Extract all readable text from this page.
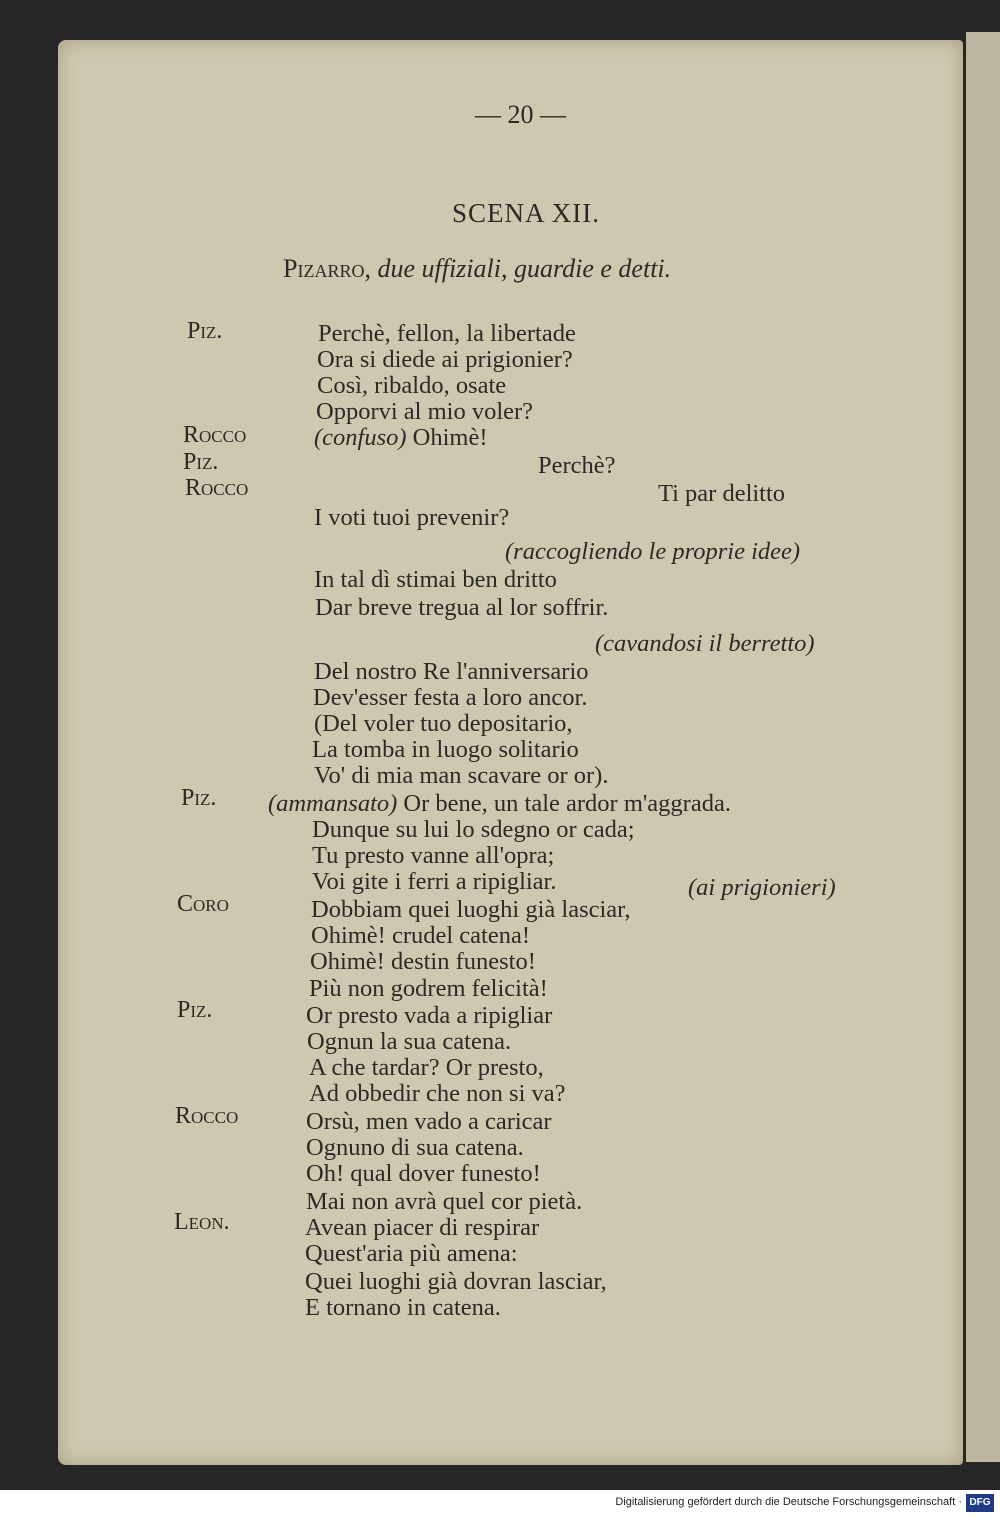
— 20 —
SCENA XII.
Pizarro, due uffiziali, guardie e detti.
Piz.
Rocco
Piz.
Rocco
Piz.
Coro
Piz.
Rocco
Leon.
Perchè, fellon, la libertade
Ora si diede ai prigionier?
Così, ribaldo, osate
Opporvi al mio voler?
(confuso) Ohimè!
Perchè?
Ti par delitto
I voti tuoi prevenir?
(raccogliendo le proprie idee)
In tal dì stimai ben dritto
Dar breve tregua al lor soffrir.
(cavandosi il berretto)
Del nostro Re l'anniversario
Dev'esser festa a loro ancor.
(Del voler tuo depositario,
La tomba in luogo solitario
Vo' di mia man scavare or or).
(ammansato) Or bene, un tale ardor m'aggrada.
Dunque su lui lo sdegno or cada;
Tu presto vanne all'opra;
Voi gite i ferri a ripigliar.	(ai prigionieri)
Dobbiam quei luoghi già lasciar,
Ohimè! crudel catena!
Ohimè! destin funesto!
Più non godrem felicità!
Or presto vada a ripigliar
Ognun la sua catena.
A che tardar? Or presto,
Ad obbedir che non si va?
Orsù, men vado a caricar
Ognuno di sua catena.
Oh! qual dover funesto!
Mai non avrà quel cor pietà.
Avean piacer di respirar
Quest'aria più amena:
Quei luoghi già dovran lasciar,
E tornano in catena.
Digitalisierung gefördert durch die Deutsche Forschungsgemeinschaft · DFG
